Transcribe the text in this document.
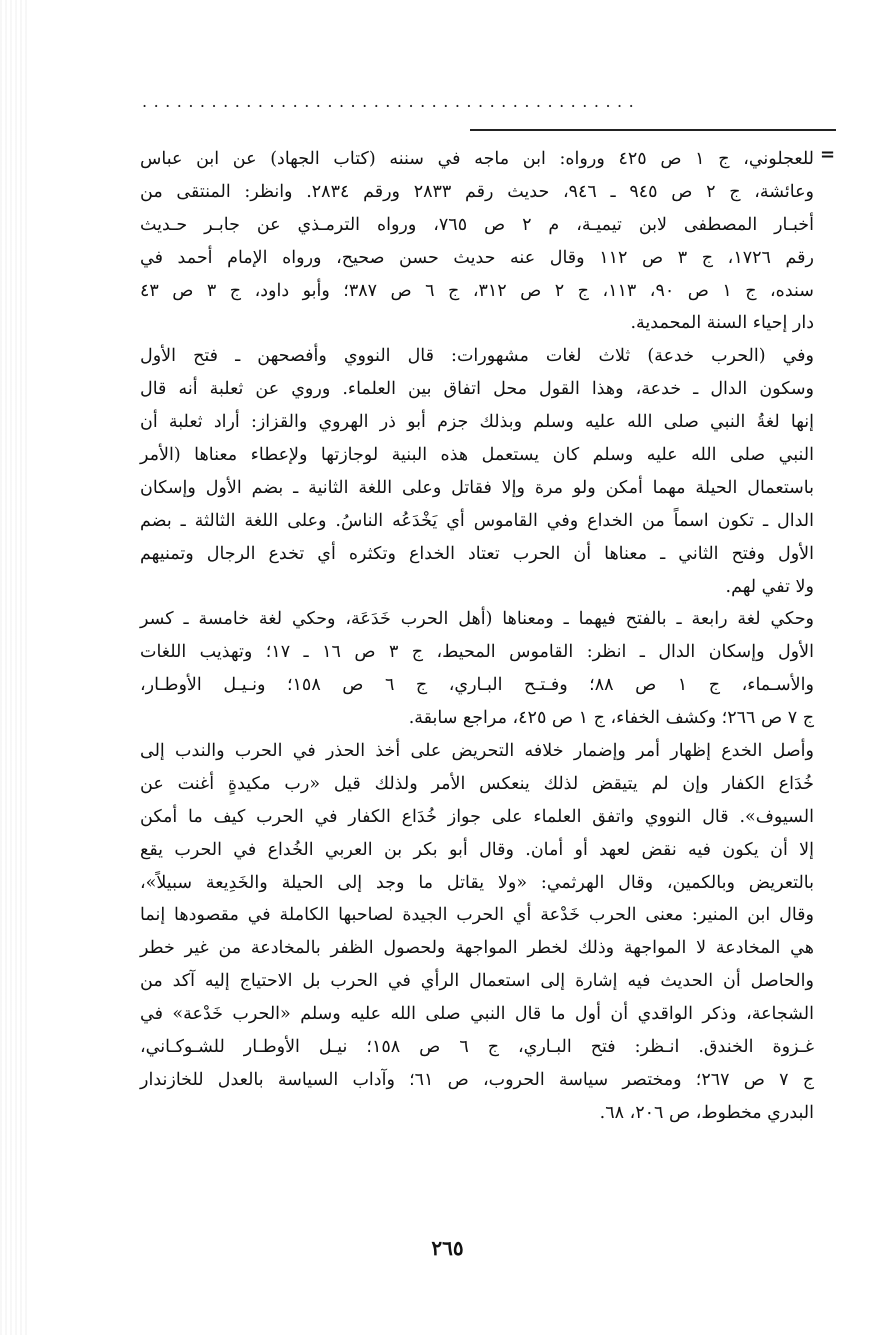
...........................................
=
للعجلوني، ج ١ ص ٤٢٥ ورواه: ابن ماجه في سننه (كتاب الجهاد) عن ابن عباس
وعائشة، ج ٢ ص ٩٤٥ ـ ٩٤٦، حديث رقم ٢٨٣٣ ورقم ٢٨٣٤. وانظر: المنتقى من
أخبـار المصطفى لابن تيميـة، م ٢ ص ٧٦٥، ورواه الترمـذي عن جابـر حـديث
رقم ١٧٢٦، ج ٣ ص ١١٢ وقال عنه حديث حسن صحيح، ورواه الإمام أحمد في
سنده، ج ١ ص ٩٠، ١١٣، ج ٢ ص ٣١٢، ج ٦ ص ٣٨٧؛ وأبو داود، ج ٣ ص ٤٣
دار إحياء السنة المحمدية.
وفي (الحرب خدعة) ثلاث لغات مشهورات: قال النووي وأفصحهن ـ فتح الأول
وسكون الدال ـ خدعة، وهذا القول محل اتفاق بين العلماء. وروي عن ثعلبة أنه قال
إنها لغةُ النبي صلى الله عليه وسلم وبذلك جزم أبو ذر الهروي والقزاز: أراد ثعلبة أن
النبي صلى الله عليه وسلم كان يستعمل هذه البنية لوجازتها ولإعطاء معناها (الأمر
باستعمال الحيلة مهما أمكن ولو مرة وإلا فقاتل وعلى اللغة الثانية ـ بضم الأول وإسكان
الدال ـ تكون اسماً من الخداع وفي القاموس أي يَخْدَعُه الناسُ. وعلى اللغة الثالثة ـ بضم
الأول وفتح الثاني ـ معناها أن الحرب تعتاد الخداع وتكثره أي تخدع الرجال وتمنيهم
ولا تفي لهم.
وحكي لغة رابعة ـ بالفتح فيهما ـ ومعناها (أهل الحرب خَدَعَة، وحكي لغة خامسة ـ كسر
الأول وإسكان الدال ـ انظر: القاموس المحيط، ج ٣ ص ١٦ ـ ١٧؛ وتهذيب اللغات
والأسـماء، ج ١ ص ٨٨؛ وفـتـح البـاري، ج ٦ ص ١٥٨؛ ونـيـل الأوطـار،
ج ٧ ص ٢٦٦؛ وكشف الخفاء، ج ١ ص ٤٢٥، مراجع سابقة.
وأصل الخدع إظهار أمر وإضمار خلافه التحريض على أخذ الحذر في الحرب والندب إلى
خُدَاع الكفار وإن لم يتيقض لذلك ينعكس الأمر ولذلك قيل «رب مكيدةٍ أغنت عن
السيوف». قال النووي واتفق العلماء على جواز خُدَاع الكفار في الحرب كيف ما أمكن
إلا أن يكون فيه نقض لعهد أو أمان. وقال أبو بكر بن العربي الخُداع في الحرب يقع
بالتعريض وبالكمين، وقال الهرثمي: «ولا يقاتل ما وجد إلى الحيلة والخَدِيعة سبيلاً»،
وقال ابن المنير: معنى الحرب خَدْعة أي الحرب الجيدة لصاحبها الكاملة في مقصودها إنما
هي المخادعة لا المواجهة وذلك لخطر المواجهة ولحصول الظفر بالمخادعة من غير خطر
والحاصل أن الحديث فيه إشارة إلى استعمال الرأي في الحرب بل الاحتياج إليه آكد من
الشجاعة، وذكر الواقدي أن أول ما قال النبي صلى الله عليه وسلم «الحرب خَدْعة» في
غـزوة الخندق. انـظر: فتح البـاري، ج ٦ ص ١٥٨؛ نيـل الأوطـار للشـوكـاني،
ج ٧ ص ٢٦٧؛ ومختصر سياسة الحروب، ص ٦١؛ وآداب السياسة بالعدل للخازندار
البدري مخطوط، ص ٢٠٦، ٦٨.
٢٦٥
